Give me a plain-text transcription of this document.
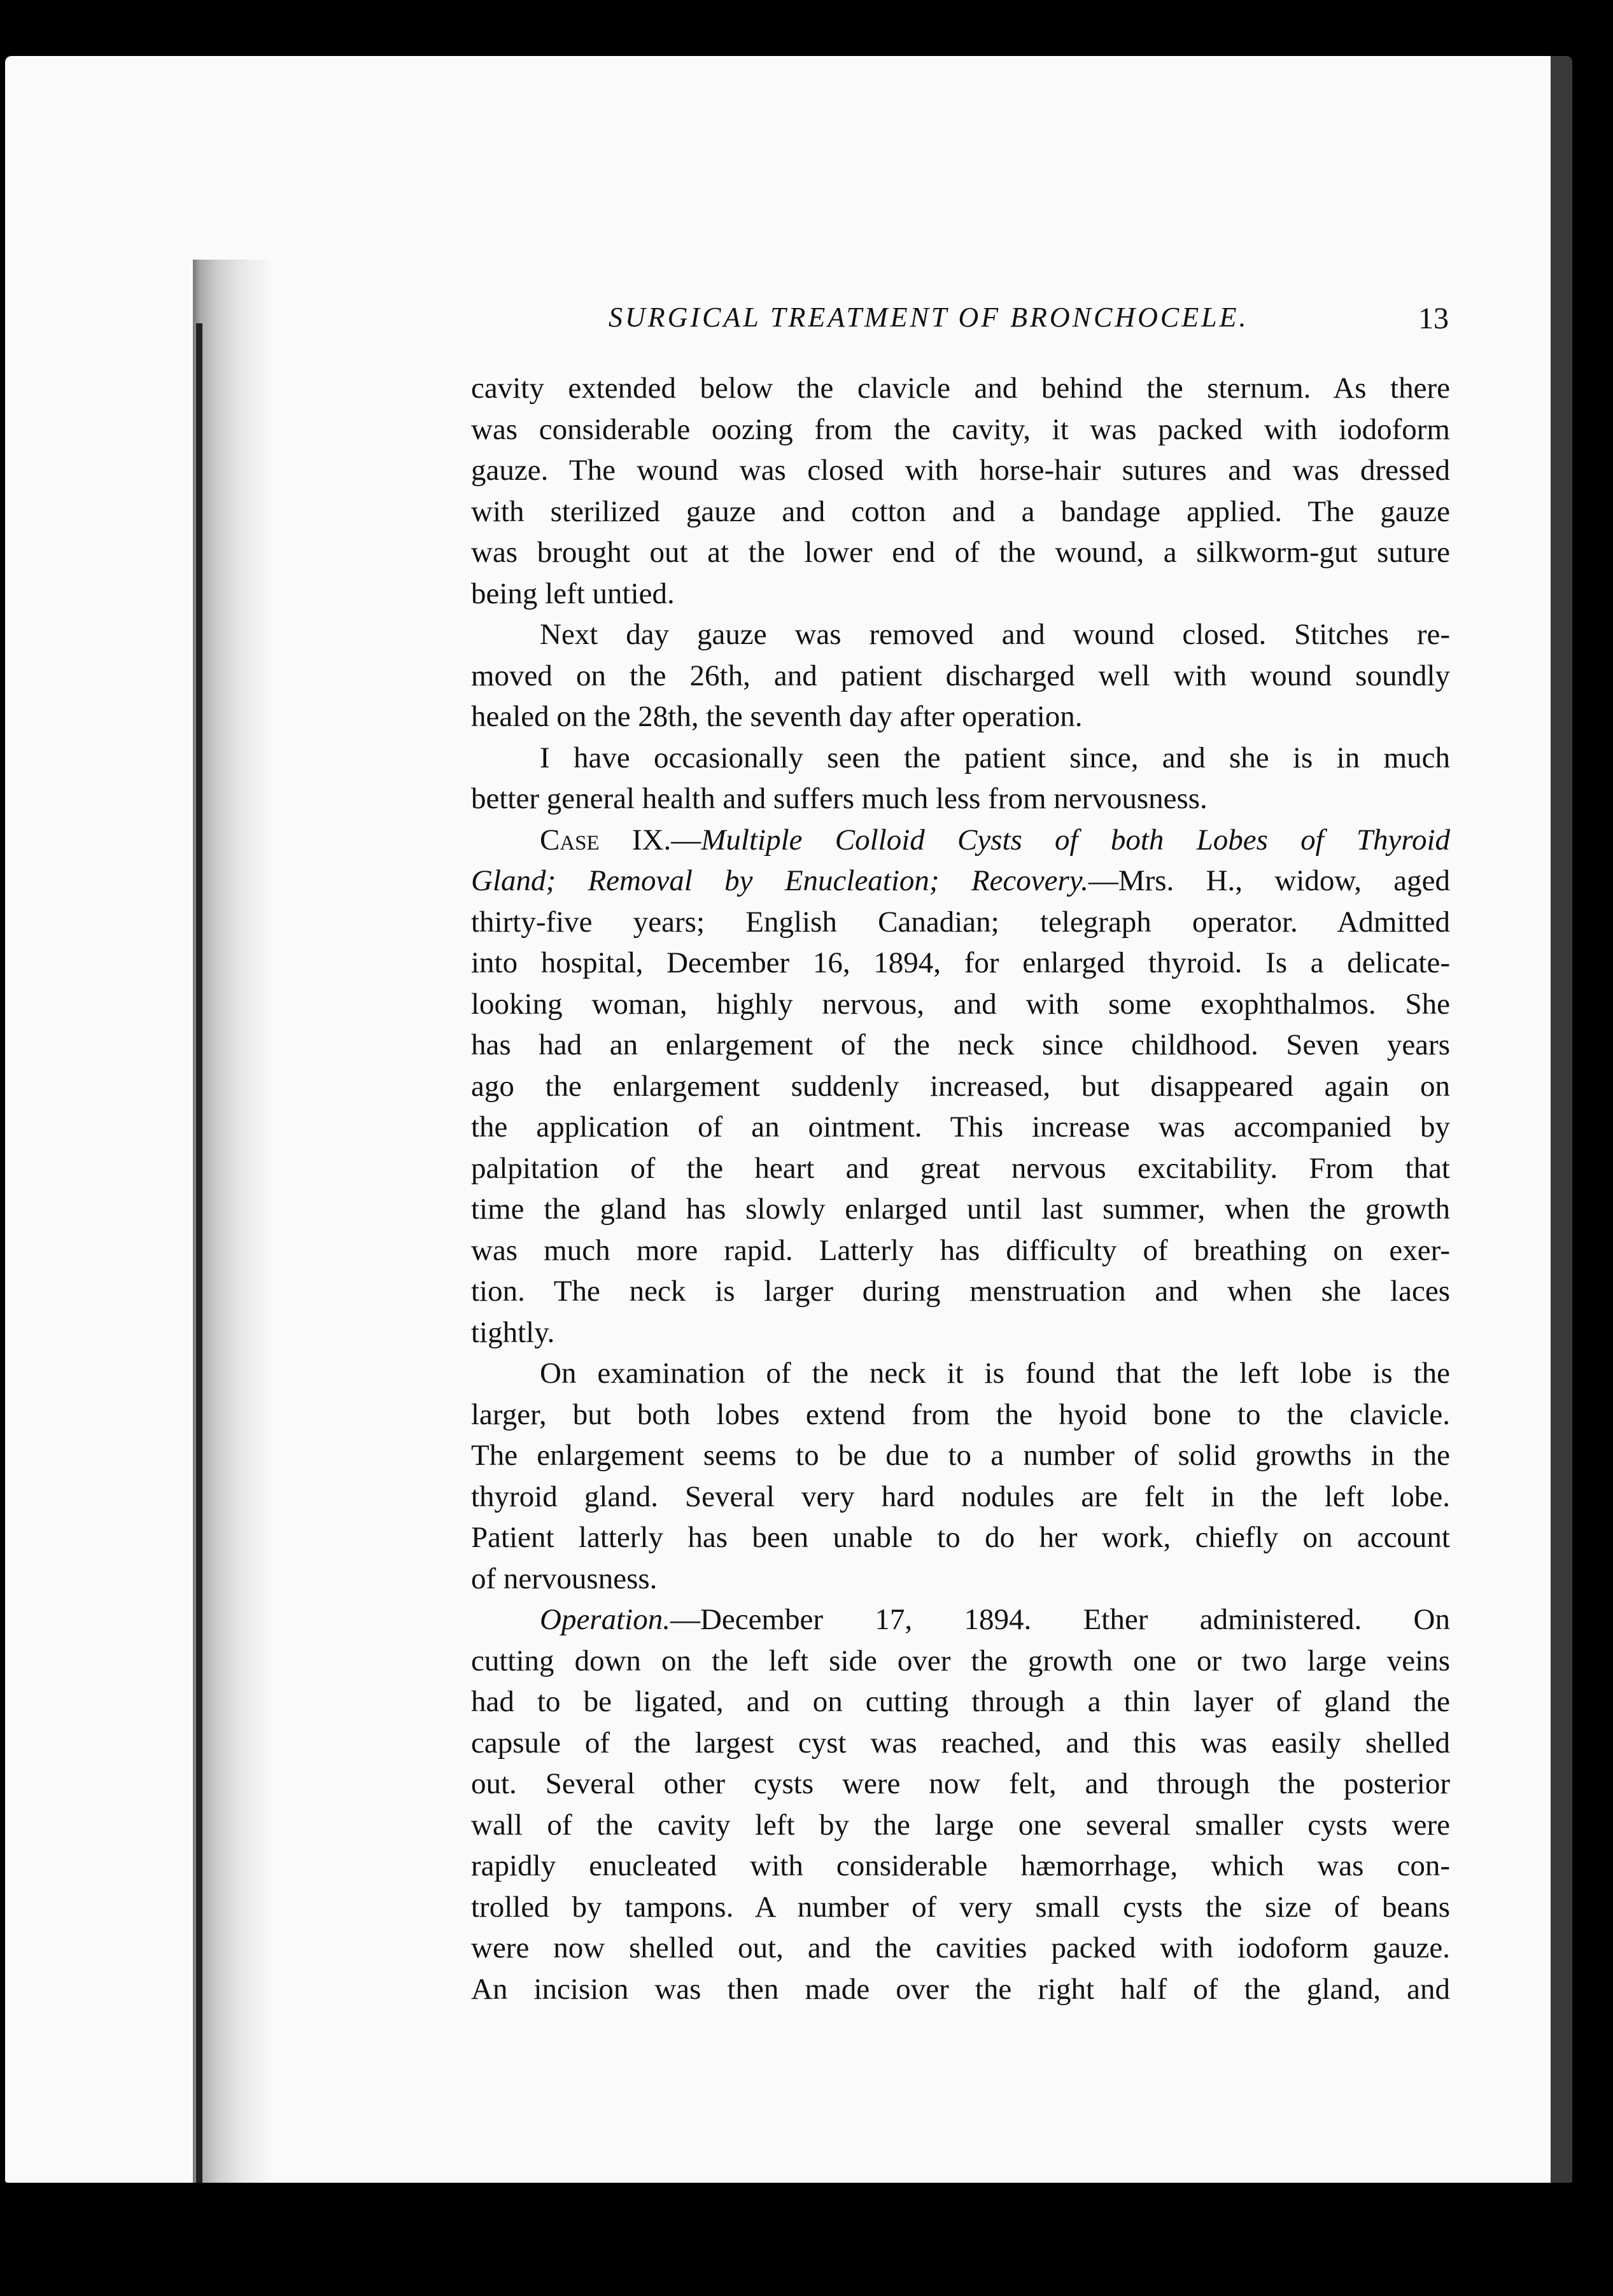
SURGICAL TREATMENT OF BRONCHOCELE.	13

cavity extended below the clavicle and behind the sternum. As there
was considerable oozing from the cavity, it was packed with iodoform
gauze. The wound was closed with horse-hair sutures and was dressed
with sterilized gauze and cotton and a bandage applied. The gauze
was brought out at the lower end of the wound, a silkworm-gut suture
being left untied.

Next day gauze was removed and wound closed. Stitches re-
moved on the 26th, and patient discharged well with wound soundly
healed on the 28th, the seventh day after operation.

I have occasionally seen the patient since, and she is in much
better general health and suffers much less from nervousness.

Case IX.—Multiple Colloid Cysts of both Lobes of Thyroid
Gland; Removal by Enucleation; Recovery.—Mrs. H., widow, aged
thirty-five years; English Canadian; telegraph operator. Admitted
into hospital, December 16, 1894, for enlarged thyroid. Is a delicate-
looking woman, highly nervous, and with some exophthalmos. She
has had an enlargement of the neck since childhood. Seven years
ago the enlargement suddenly increased, but disappeared again on
the application of an ointment. This increase was accompanied by
palpitation of the heart and great nervous excitability. From that
time the gland has slowly enlarged until last summer, when the growth
was much more rapid. Latterly has difficulty of breathing on exer-
tion. The neck is larger during menstruation and when she laces
tightly.

On examination of the neck it is found that the left lobe is the
larger, but both lobes extend from the hyoid bone to the clavicle.
The enlargement seems to be due to a number of solid growths in the
thyroid gland. Several very hard nodules are felt in the left lobe.
Patient latterly has been unable to do her work, chiefly on account
of nervousness.

Operation.—December 17, 1894. Ether administered. On
cutting down on the left side over the growth one or two large veins
had to be ligated, and on cutting through a thin layer of gland the
capsule of the largest cyst was reached, and this was easily shelled
out. Several other cysts were now felt, and through the posterior
wall of the cavity left by the large one several smaller cysts were
rapidly enucleated with considerable hæmorrhage, which was con-
trolled by tampons. A number of very small cysts the size of beans
were now shelled out, and the cavities packed with iodoform gauze.
An incision was then made over the right half of the gland, and
